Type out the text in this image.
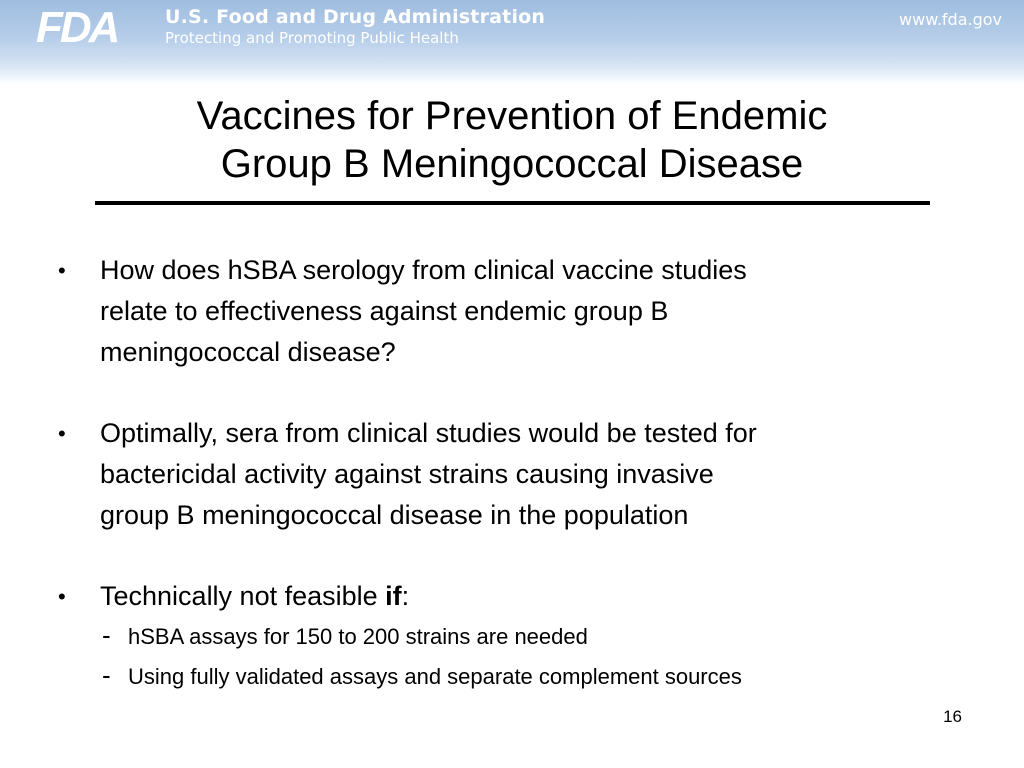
FDA	U.S. Food and Drug Administration
Protecting and Promoting Public Health
www.fda.gov
Vaccines for Prevention of Endemic
Group B Meningococcal Disease
• How does hSBA serology from clinical vaccine studies
relate to effectiveness against endemic group B
meningococcal disease?
• Optimally, sera from clinical studies would be tested for
bactericidal activity against strains causing invasive
group B meningococcal disease in the population
• Technically not feasible if:
- hSBA assays for 150 to 200 strains are needed
- Using fully validated assays and separate complement sources
16
